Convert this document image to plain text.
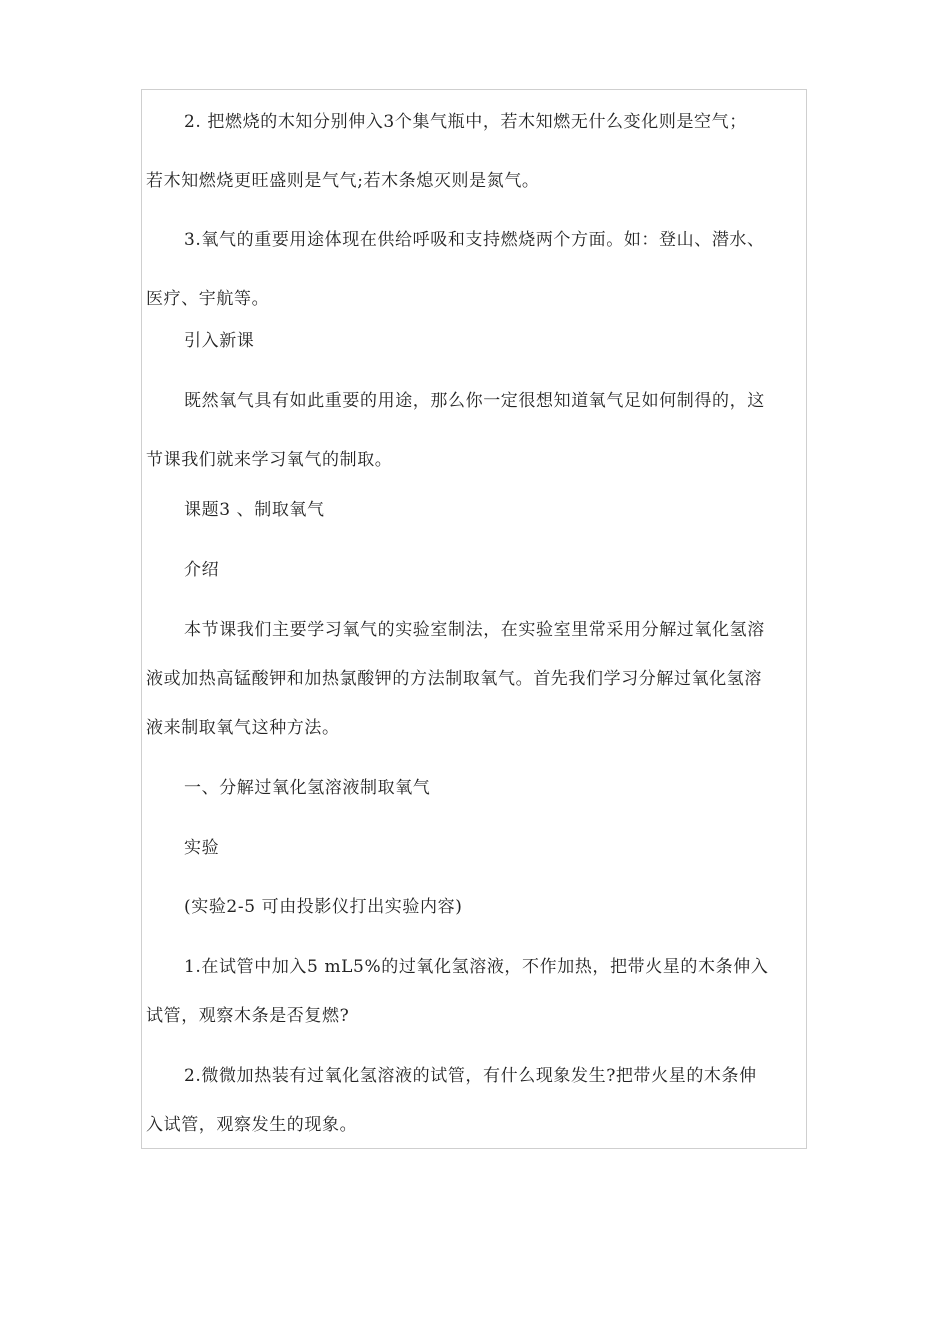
2. 把燃烧的木知分别伸入3个集气瓶中，若木知燃无什么变化则是空气；
若木知燃烧更旺盛则是气气;若木条熄灭则是氮气。
3.氧气的重要用途体现在供给呼吸和支持燃烧两个方面。如：登山、潜水、
医疗、宇航等。
引入新课
既然氧气具有如此重要的用途，那么你一定很想知道氧气足如何制得的，这
节课我们就来学习氧气的制取。
课题3 、制取氧气
介绍
本节课我们主要学习氧气的实验室制法，在实验室里常采用分解过氧化氢溶
液或加热高锰酸钾和加热氯酸钾的方法制取氧气。首先我们学习分解过氧化氢溶
液来制取氧气这种方法。
一、分解过氧化氢溶液制取氧气
实验
(实验2-5 可由投影仪打出实验内容)
1.在试管中加入5 mL5%的过氧化氢溶液，不作加热，把带火星的木条伸入
试管，观察木条是否复燃?
2.微微加热装有过氧化氢溶液的试管，有什么现象发生?把带火星的木条伸
入试管，观察发生的现象。
